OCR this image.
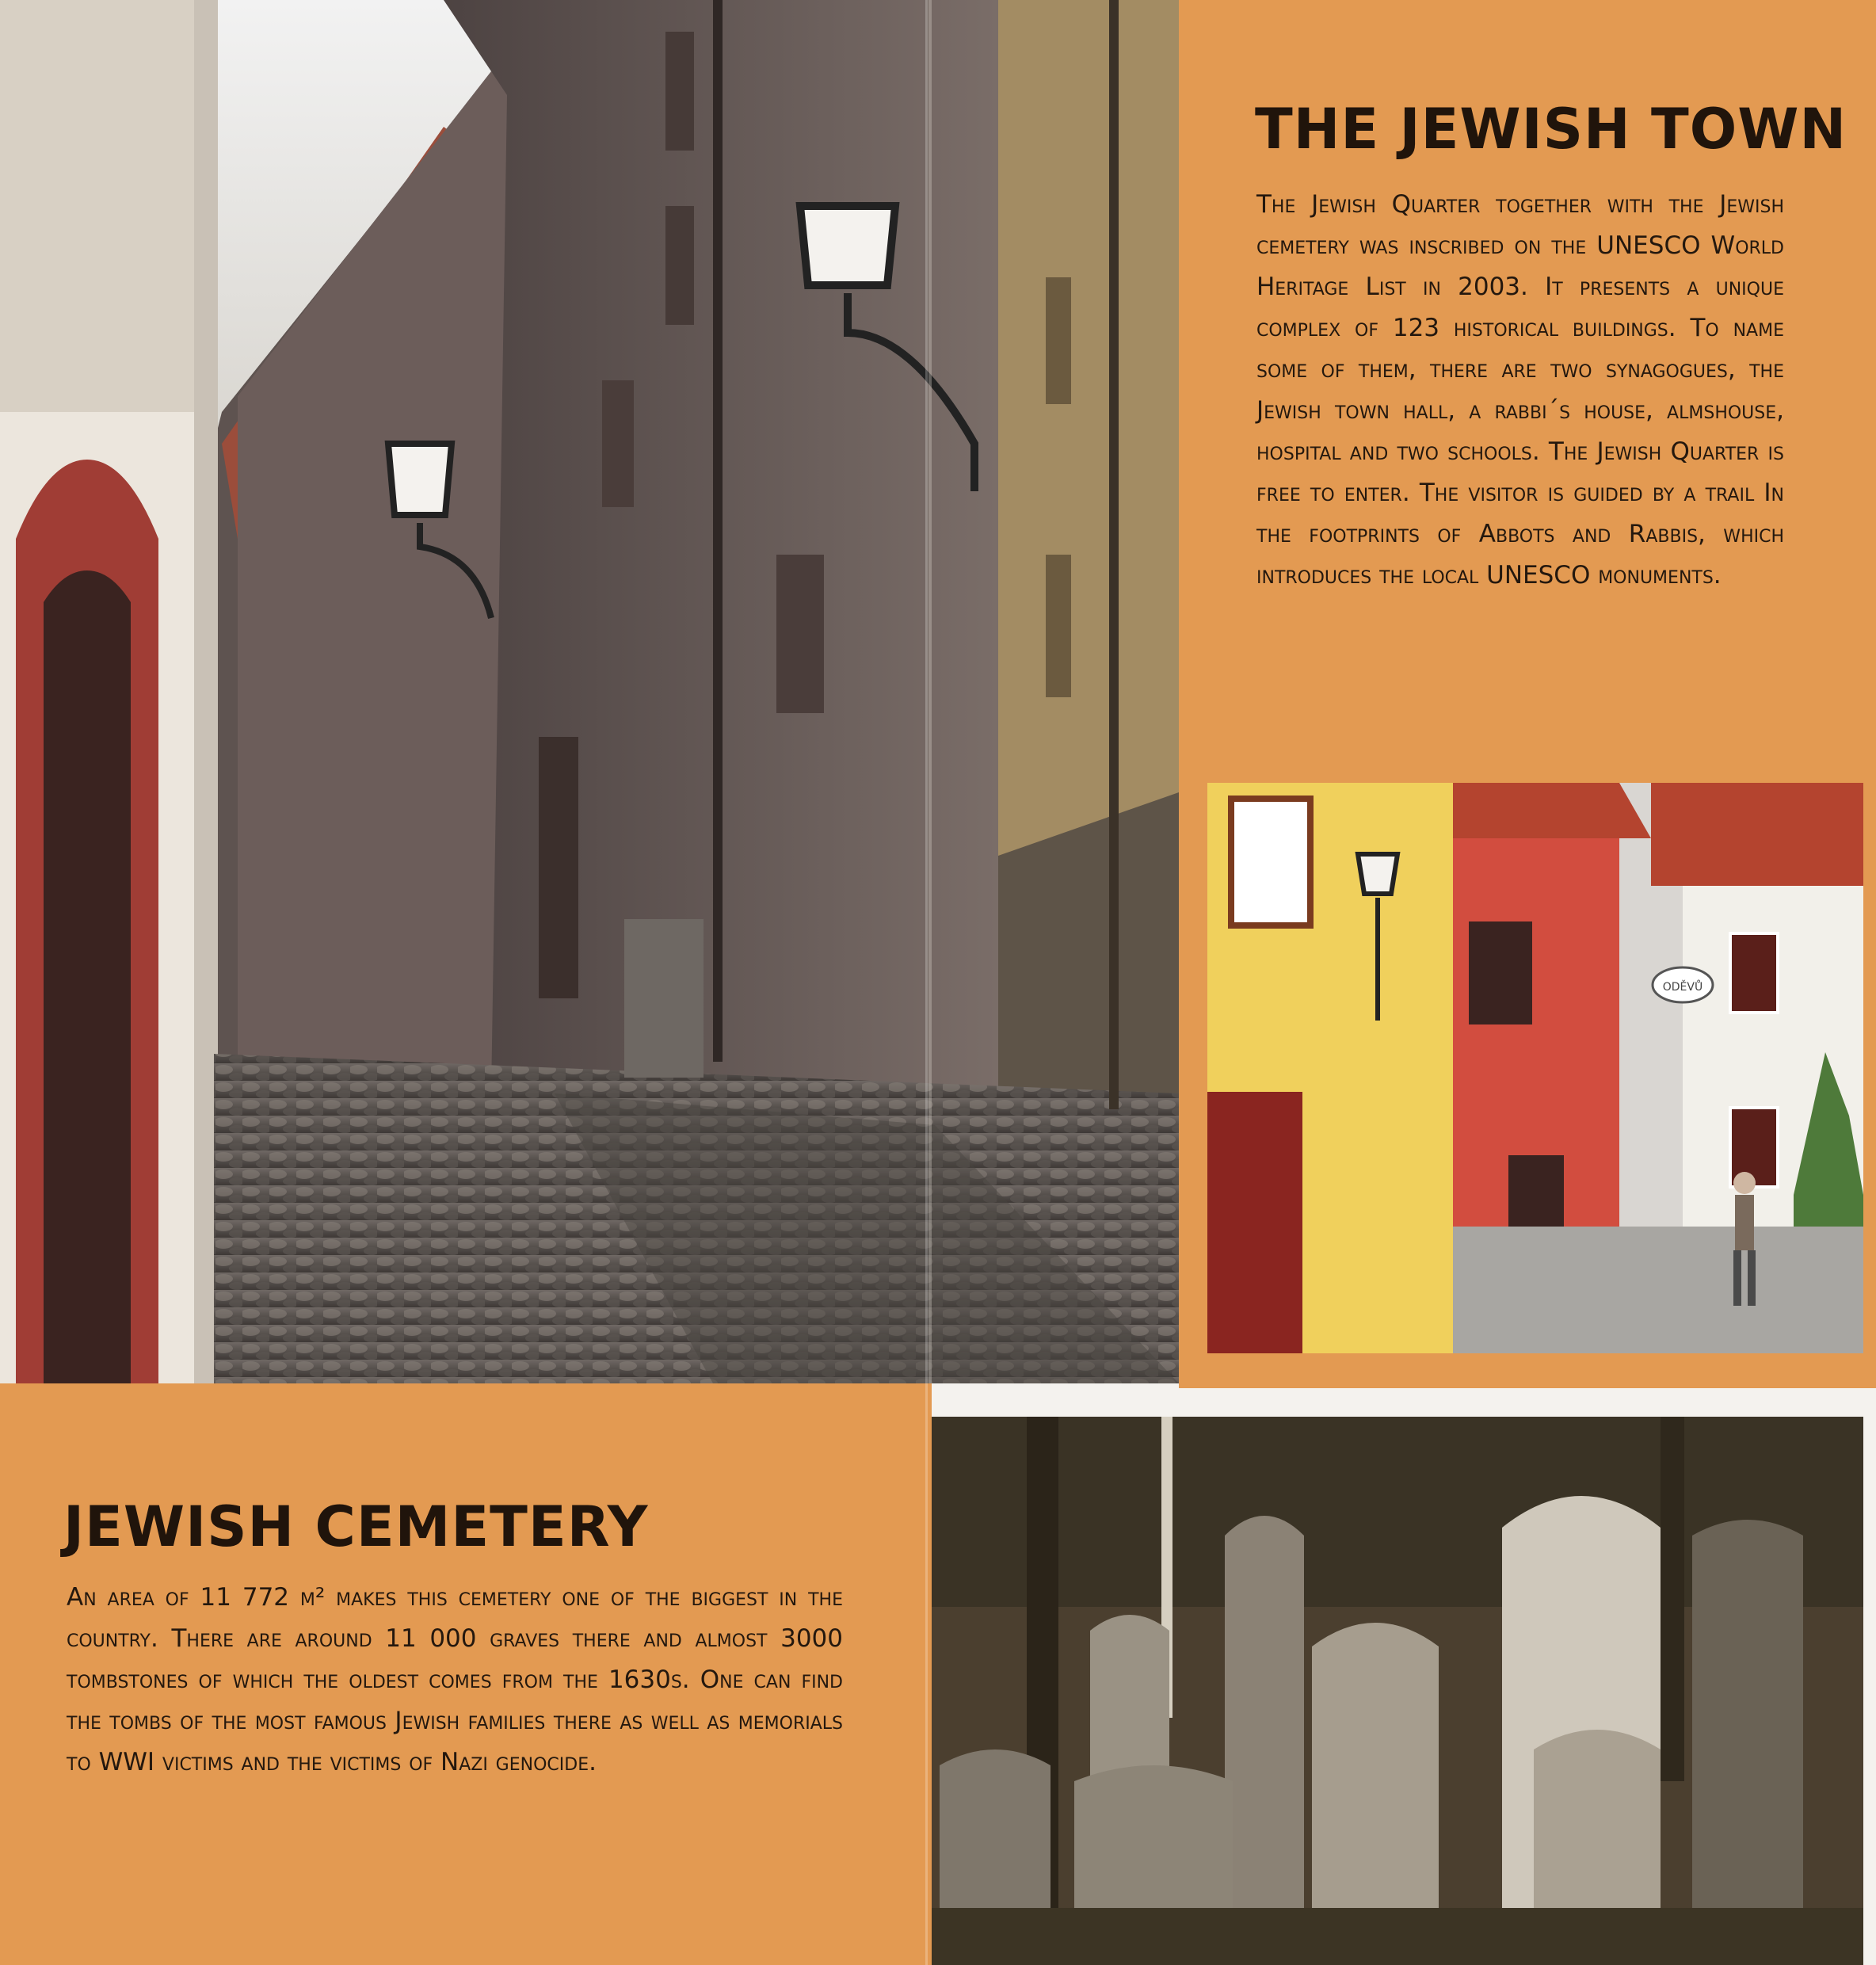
ODĚVŮ
THE JEWISH TOWN

The Jewish Quarter together with the Jewish cemetery was inscribed on the UNESCO World Heritage List in 2003. It presents a unique complex of 123 historical buildings. To name some of them, there are two synagogues, the Jewish town hall, a rabbi´s house, almshouse, hospital and two schools. The Jewish Quarter is free to enter. The visitor is guided by a trail In the footprints of Abbots and Rabbis, which introduces the local UNESCO monuments.

JEWISH CEMETERY

An area of 11 772 m² makes this cemetery one of the biggest in the country. There are around 11 000 graves there and almost 3000 tombstones of which the oldest comes from the 1630s. One can find the tombs of the most famous Jewish families there as well as memorials to WWI victims and the victims of Nazi genocide.
